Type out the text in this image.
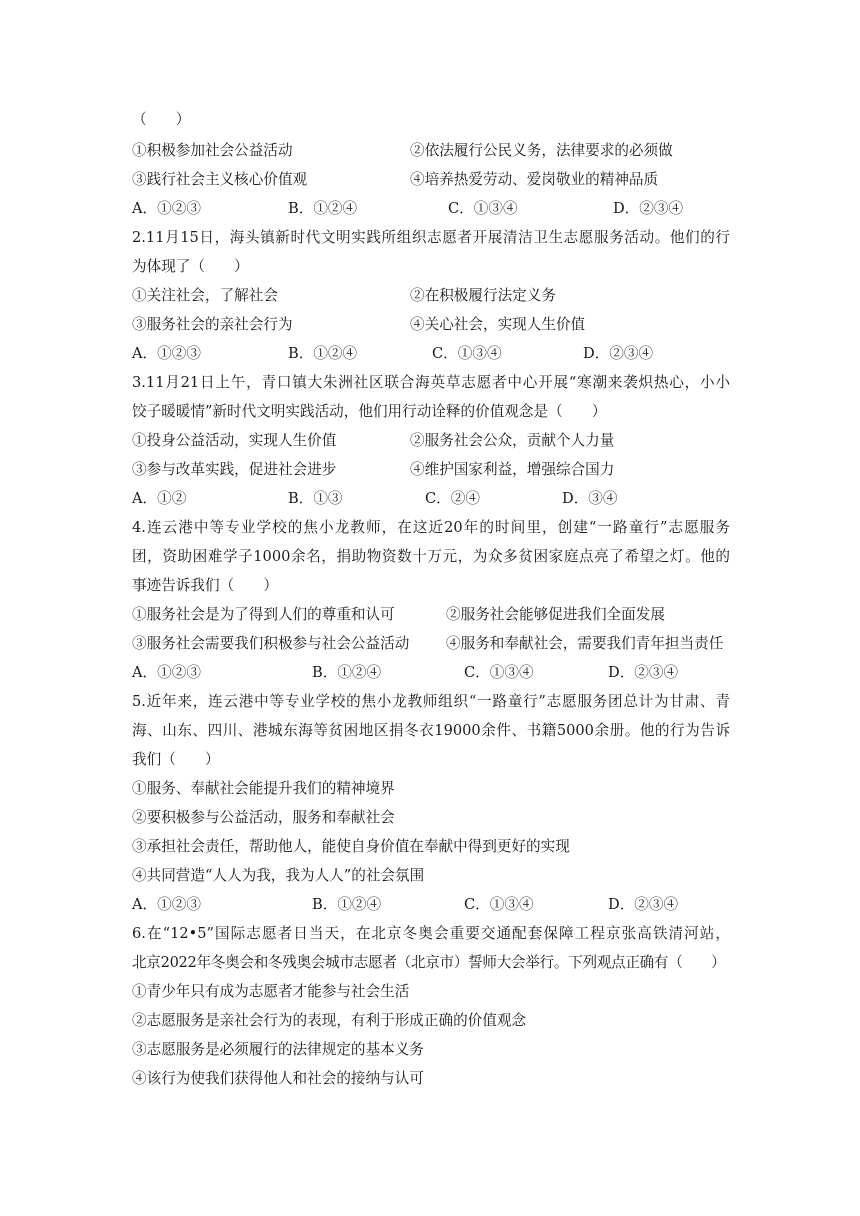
（　　）
①积极参加社会公益活动	②依法履行公民义务，法律要求的必须做
③践行社会主义核心价值观	④培养热爱劳动、爱岗敬业的精神品质
A．①②③	B．①②④	C．①③④	D．②③④
2.11月15日，海头镇新时代文明实践所组织志愿者开展清洁卫生志愿服务活动。他们的行
为体现了（　　）
①关注社会，了解社会	②在积极履行法定义务
③服务社会的亲社会行为	④关心社会，实现人生价值
A．①②③	B．①②④	C．①③④	D．②③④
3.11月21日上午，青口镇大朱洲社区联合海英草志愿者中心开展“寒潮来袭炽热心，小小
饺子暖暖情”新时代文明实践活动，他们用行动诠释的价值观念是（　　）
①投身公益活动，实现人生价值	②服务社会公众，贡献个人力量
③参与改革实践，促进社会进步	④维护国家利益，增强综合国力
A．①②	B．①③	C．②④	D．③④
4.连云港中等专业学校的焦小龙教师，在这近20年的时间里，创建“一路童行”志愿服务
团，资助困难学子1000余名，捐助物资数十万元，为众多贫困家庭点亮了希望之灯。他的
事迹告诉我们（　　）
①服务社会是为了得到人们的尊重和认可	②服务社会能够促进我们全面发展
③服务社会需要我们积极参与社会公益活动	④服务和奉献社会，需要我们青年担当责任
A．①②③	B．①②④	C．①③④	D．②③④
5.近年来，连云港中等专业学校的焦小龙教师组织“一路童行”志愿服务团总计为甘肃、青
海、山东、四川、港城东海等贫困地区捐冬衣19000余件、书籍5000余册。他的行为告诉
我们（　　）
①服务、奉献社会能提升我们的精神境界
②要积极参与公益活动，服务和奉献社会
③承担社会责任，帮助他人，能使自身价值在奉献中得到更好的实现
④共同营造“人人为我，我为人人”的社会氛围
A．①②③	B．①②④	C．①③④	D．②③④
6.在“12•5”国际志愿者日当天，在北京冬奥会重要交通配套保障工程京张高铁清河站，
北京2022年冬奥会和冬残奥会城市志愿者（北京市）誓师大会举行。下列观点正确有（　　）
①青少年只有成为志愿者才能参与社会生活
②志愿服务是亲社会行为的表现，有利于形成正确的价值观念
③志愿服务是必须履行的法律规定的基本义务
④该行为使我们获得他人和社会的接纳与认可
